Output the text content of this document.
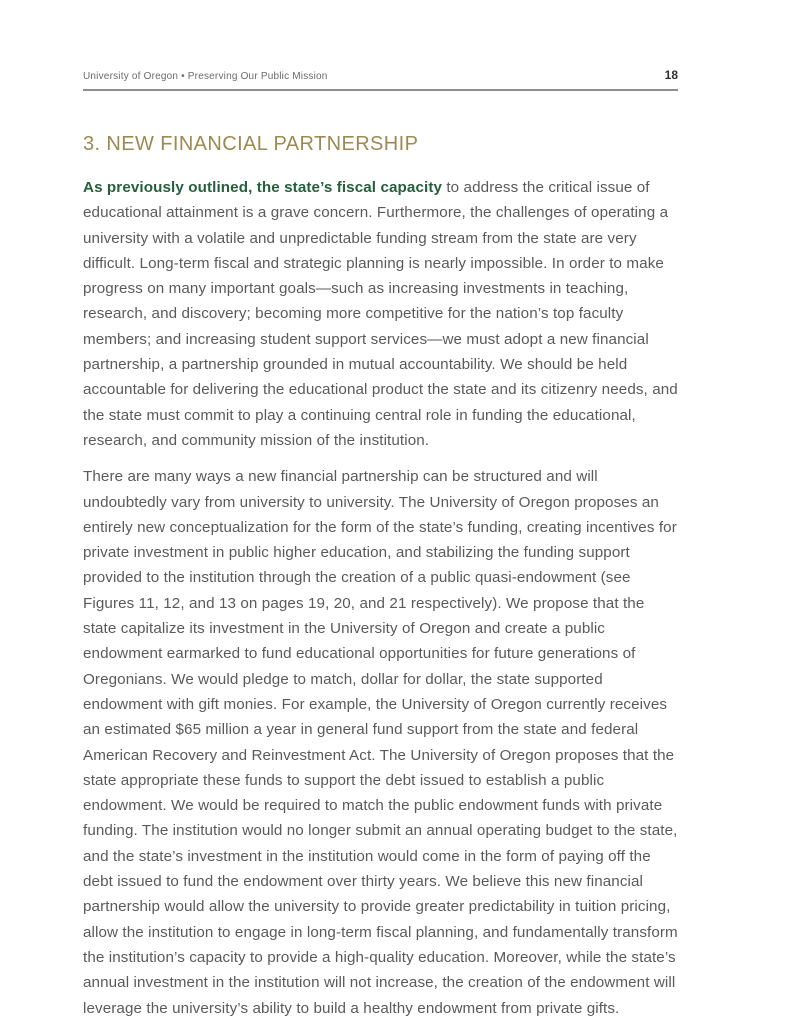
University of Oregon • Preserving Our Public Mission	18
3. NEW FINANCIAL PARTNERSHIP

As previously outlined, the state’s fiscal capacity to address the critical issue of educational attainment is a grave concern. Furthermore, the challenges of operating a university with a volatile and unpredictable funding stream from the state are very difficult. Long-term fiscal and strategic planning is nearly impossible. In order to make progress on many important goals—such as increasing investments in teaching, research, and discovery; becoming more competitive for the nation’s top faculty members; and increasing student support services—we must adopt a new financial partnership, a partnership grounded in mutual accountability. We should be held accountable for delivering the educational product the state and its citizenry needs, and the state must commit to play a continuing central role in funding the educational, research, and community mission of the institution.

There are many ways a new financial partnership can be structured and will undoubtedly vary from university to university. The University of Oregon proposes an entirely new conceptualization for the form of the state’s funding, creating incentives for private investment in public higher education, and stabilizing the funding support provided to the institution through the creation of a public quasi-endowment (see Figures 11, 12, and 13 on pages 19, 20, and 21 respectively). We propose that the state capitalize its investment in the University of Oregon and create a public endowment earmarked to fund educational opportunities for future generations of Oregonians. We would pledge to match, dollar for dollar, the state supported endowment with gift monies. For example, the University of Oregon currently receives an estimated $65 million a year in general fund support from the state and federal American Recovery and Reinvestment Act. The University of Oregon proposes that the state appropriate these funds to support the debt issued to establish a public endowment. We would be required to match the public endowment funds with private funding. The institution would no longer submit an annual operating budget to the state, and the state’s investment in the institution would come in the form of paying off the debt issued to fund the endowment over thirty years. We believe this new financial partnership would allow the university to provide greater predictability in tuition pricing, allow the institution to engage in long-term fiscal planning, and fundamentally transform the institution’s capacity to provide a high-quality education. Moreover, while the state’s annual investment in the institution will not increase, the creation of the endowment will leverage the university’s ability to build a healthy endowment from private gifts.
